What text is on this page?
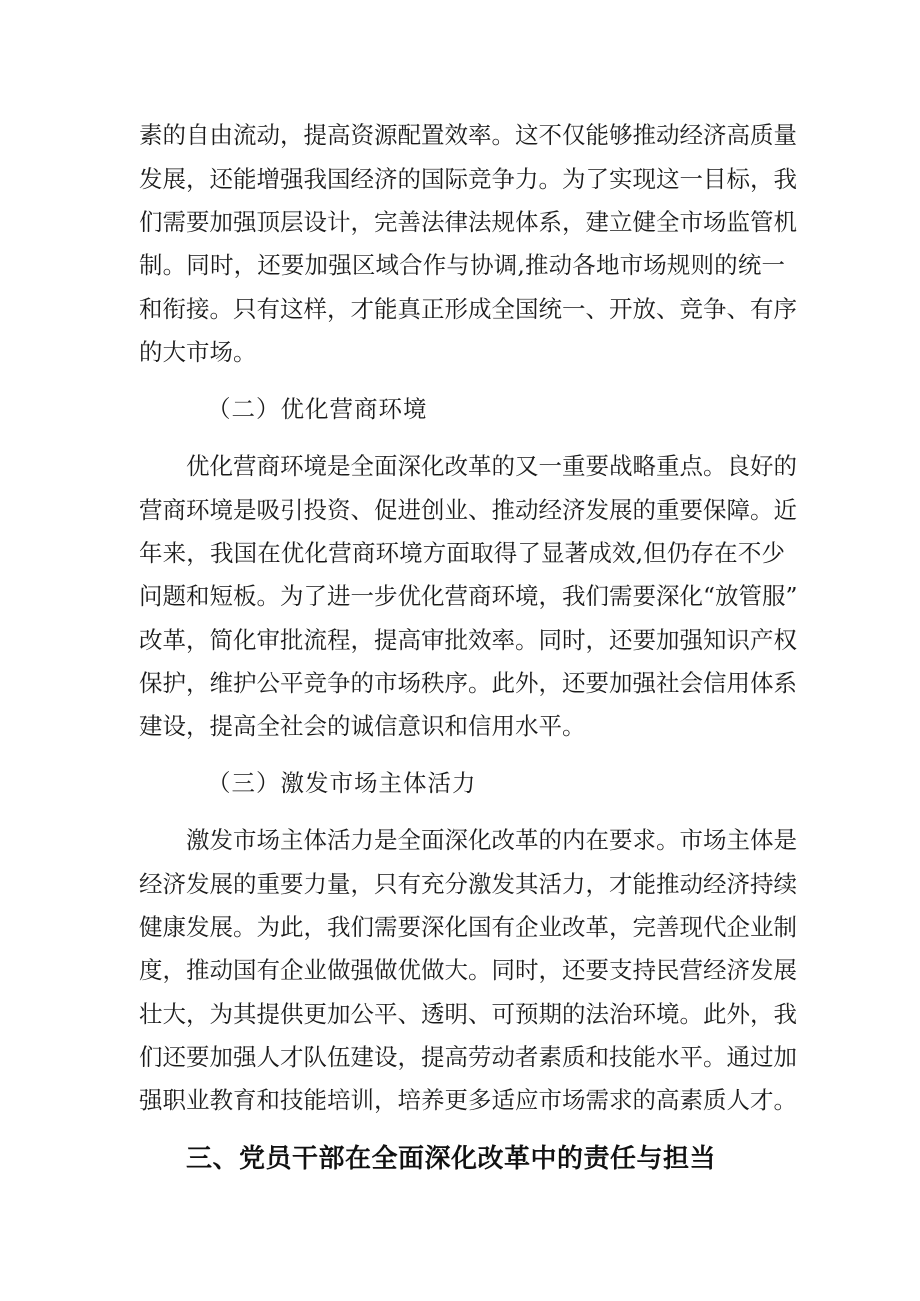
素的自由流动，提高资源配置效率。这不仅能够推动经济高质量
发展，还能增强我国经济的国际竞争力。为了实现这一目标，我
们需要加强顶层设计，完善法律法规体系，建立健全市场监管机
制。同时，还要加强区域合作与协调,推动各地市场规则的统一
和衔接。只有这样，才能真正形成全国统一、开放、竞争、有序
的大市场。
（二）优化营商环境
优化营商环境是全面深化改革的又一重要战略重点。良好的
营商环境是吸引投资、促进创业、推动经济发展的重要保障。近
年来，我国在优化营商环境方面取得了显著成效,但仍存在不少
问题和短板。为了进一步优化营商环境，我们需要深化“放管服”
改革，简化审批流程，提高审批效率。同时，还要加强知识产权
保护，维护公平竞争的市场秩序。此外，还要加强社会信用体系
建设，提高全社会的诚信意识和信用水平。
（三）激发市场主体活力
激发市场主体活力是全面深化改革的内在要求。市场主体是
经济发展的重要力量，只有充分激发其活力，才能推动经济持续
健康发展。为此，我们需要深化国有企业改革，完善现代企业制
度，推动国有企业做强做优做大。同时，还要支持民营经济发展
壮大，为其提供更加公平、透明、可预期的法治环境。此外，我
们还要加强人才队伍建设，提高劳动者素质和技能水平。通过加
强职业教育和技能培训，培养更多适应市场需求的高素质人才。
三、党员干部在全面深化改革中的责任与担当
